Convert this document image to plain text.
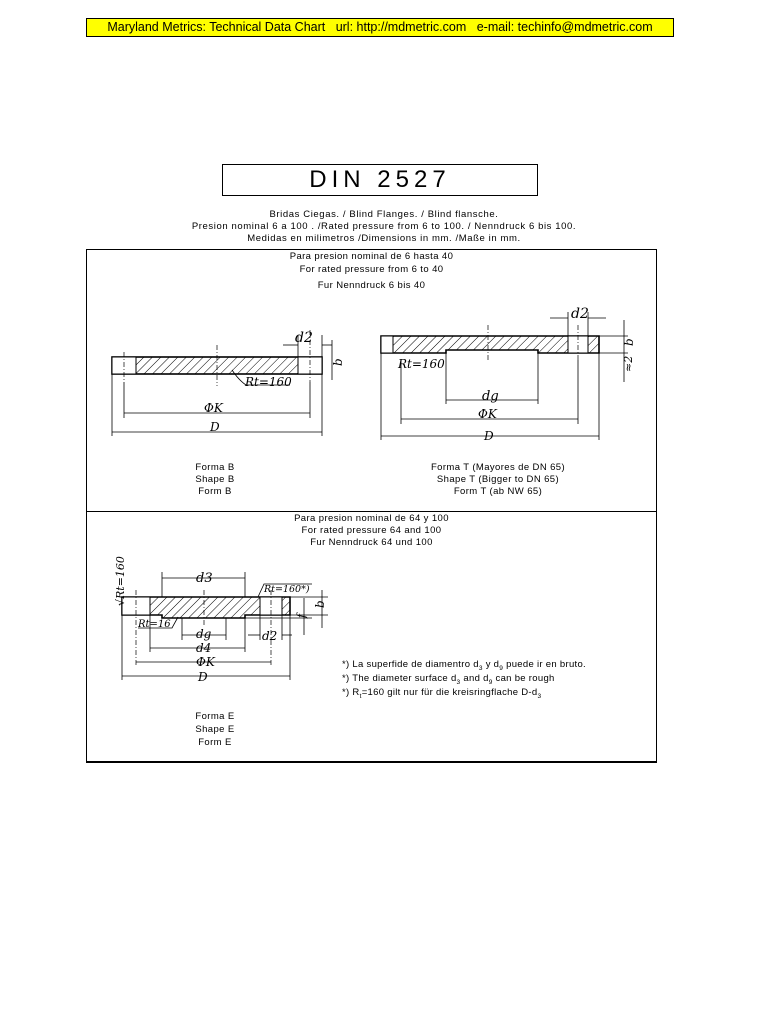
Maryland Metrics: Technical Data Chart url: http://mdmetric.com e-mail: techinfo@mdmetric.com
DIN 2527
Bridas Ciegas. / Blind Flanges. / Blind flansche.
Presion nominal 6 a 100 . /Rated pressure from 6 to 100. / Nenndruck 6 bis 100.
Medidas en milimetros /Dimensions in mm. /Maße in mm.
Para presion nominal de 6 hasta 40
For rated pressure from 6 to 40
Fur Nenndruck 6 bis 40
d2
b
Rt=160
ΦK
D
d2
b
≈2
Rt=160
dg
ΦK
D
Forma B
Shape B
Form B
Forma T (Mayores de DN 65)
Shape T (Bigger to DN 65)
Form T (ab NW 65)
Para presion nominal de 64 y 100
For rated pressure 64 and 100
Fur Nenndruck 64 und 100
√Rt=160	d3
Rt=160*)
f
b
Rt=16
dg	d2
d4
ΦK
D
*) La superfide de diamentro $d_3$ y $d_9$ puede ir en bruto.
*) The diameter surface $d_3$ and $d_9$ can be rough
*) $R_t=160$ gilt nur für die kreisringflache $D-d_3$
Forma E
Shape E
Form E
